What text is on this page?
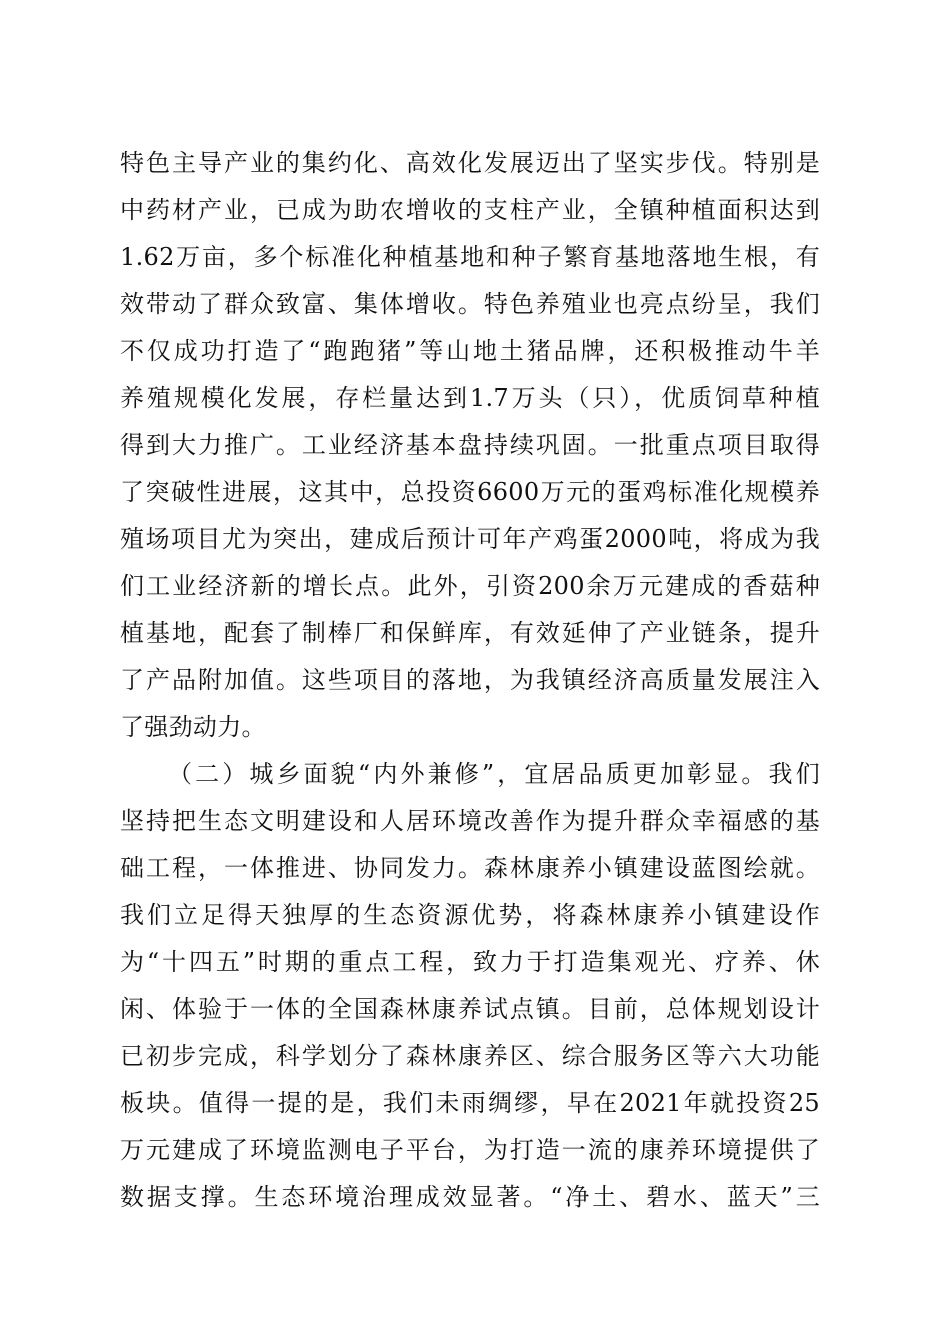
特色主导产业的集约化、高效化发展迈出了坚实步伐。特别是
中药材产业，已成为助农增收的支柱产业，全镇种植面积达到
1.62万亩，多个标准化种植基地和种子繁育基地落地生根，有
效带动了群众致富、集体增收。特色养殖业也亮点纷呈，我们
不仅成功打造了“跑跑猪”等山地土猪品牌，还积极推动牛羊
养殖规模化发展，存栏量达到1.7万头（只），优质饲草种植
得到大力推广。工业经济基本盘持续巩固。一批重点项目取得
了突破性进展，这其中，总投资6600万元的蛋鸡标准化规模养
殖场项目尤为突出，建成后预计可年产鸡蛋2000吨，将成为我
们工业经济新的增长点。此外，引资200余万元建成的香菇种
植基地，配套了制棒厂和保鲜库，有效延伸了产业链条，提升
了产品附加值。这些项目的落地，为我镇经济高质量发展注入
了强劲动力。
（二）城乡面貌“内外兼修”，宜居品质更加彰显。我们
坚持把生态文明建设和人居环境改善作为提升群众幸福感的基
础工程，一体推进、协同发力。森林康养小镇建设蓝图绘就。
我们立足得天独厚的生态资源优势，将森林康养小镇建设作
为“十四五”时期的重点工程，致力于打造集观光、疗养、休
闲、体验于一体的全国森林康养试点镇。目前，总体规划设计
已初步完成，科学划分了森林康养区、综合服务区等六大功能
板块。值得一提的是，我们未雨绸缪，早在2021年就投资25
万元建成了环境监测电子平台，为打造一流的康养环境提供了
数据支撑。生态环境治理成效显著。“净土、碧水、蓝天”三
